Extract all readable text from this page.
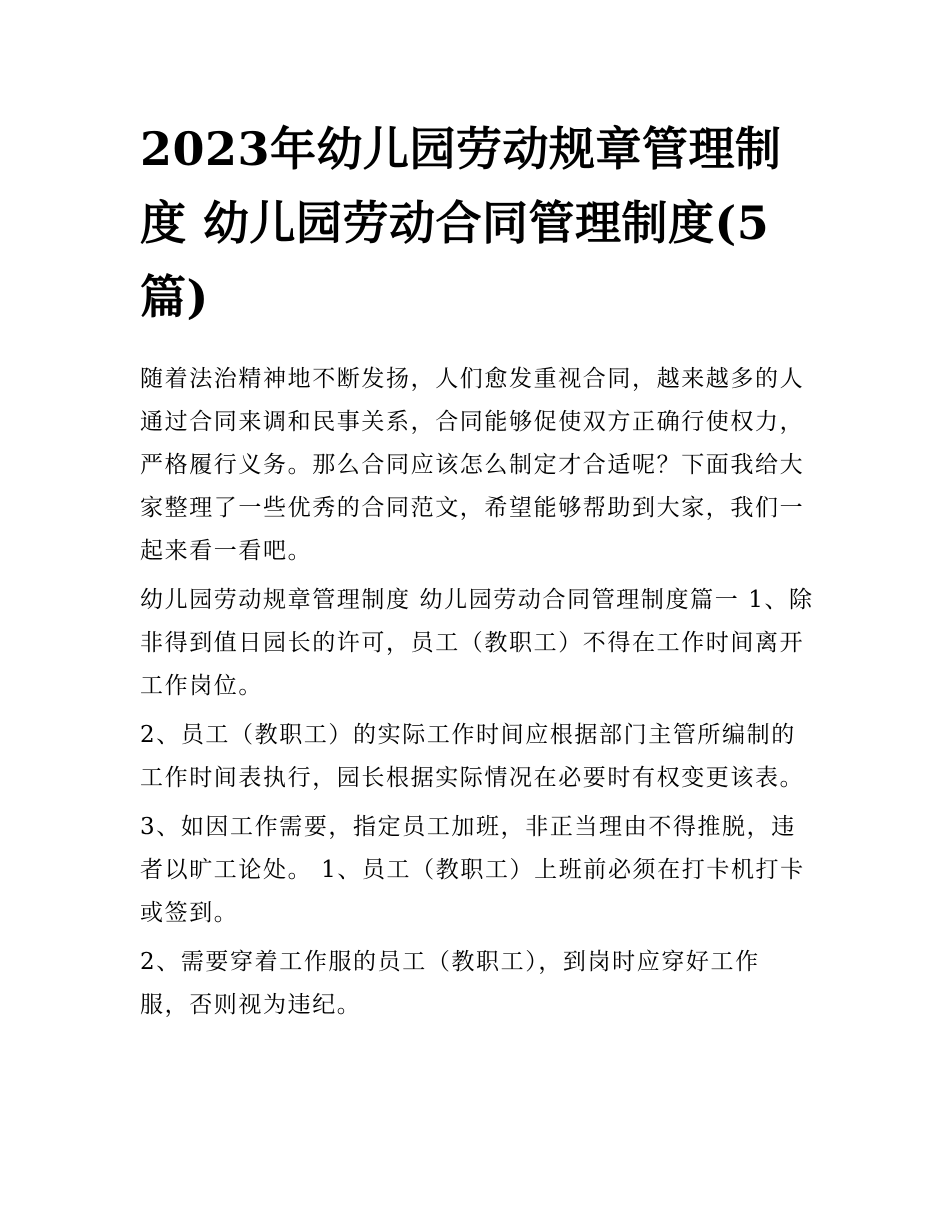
2023年幼儿园劳动规章管理制度 幼儿园劳动合同管理制度(5篇)

随着法治精神地不断发扬，人们愈发重视合同，越来越多的人通过合同来调和民事关系，合同能够促使双方正确行使权力，严格履行义务。那么合同应该怎么制定才合适呢？下面我给大家整理了一些优秀的合同范文，希望能够帮助到大家，我们一起来看一看吧。

幼儿园劳动规章管理制度 幼儿园劳动合同管理制度篇一 1、除非得到值日园长的许可，员工（教职工）不得在工作时间离开工作岗位。

2、员工（教职工）的实际工作时间应根据部门主管所编制的工作时间表执行，园长根据实际情况在必要时有权变更该表。

3、如因工作需要，指定员工加班，非正当理由不得推脱，违者以旷工论处。 1、员工（教职工）上班前必须在打卡机打卡或签到。

2、需要穿着工作服的员工（教职工），到岗时应穿好工作服，否则视为违纪。
